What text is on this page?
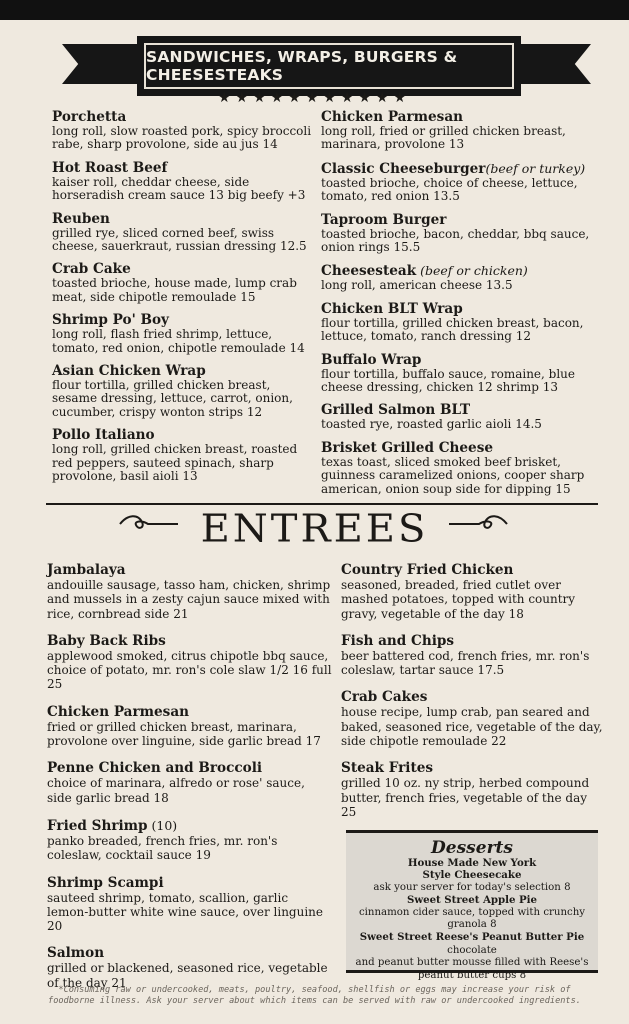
SANDWICHES, WRAPS, BURGERS & CHEESESTEAKS
★★★★★★★★★★★
Porchetta
long roll, slow roasted pork, spicy broccoli rabe, sharp provolone, side au jus 14
Hot Roast Beef
kaiser roll, cheddar cheese, side horseradish cream sauce 13 big beefy +3
Reuben
grilled rye, sliced corned beef, swiss cheese, sauerkraut, russian dressing 12.5
Crab Cake
toasted brioche, house made, lump crab meat, side chipotle remoulade 15
Shrimp Po' Boy
long roll, flash fried shrimp, lettuce, tomato, red onion, chipotle remoulade 14
Asian Chicken Wrap
flour tortilla, grilled chicken breast, sesame dressing, lettuce, carrot, onion, cucumber, crispy wonton strips 12
Pollo Italiano
long roll, grilled chicken breast, roasted red peppers, sauteed spinach, sharp provolone, basil aioli 13
Chicken Parmesan
long roll, fried or grilled chicken breast, marinara, provolone 13
Classic Cheeseburger(beef or turkey)
toasted brioche, choice of cheese, lettuce, tomato, red onion 13.5
Taproom Burger
toasted brioche, bacon, cheddar, bbq sauce, onion rings 15.5
Cheesesteak (beef or chicken)
long roll, american cheese 13.5
Chicken BLT Wrap
flour tortilla, grilled chicken breast, bacon, lettuce, tomato, ranch dressing 12
Buffalo Wrap
flour tortilla, buffalo sauce, romaine, blue cheese dressing, chicken 12 shrimp 13
Grilled Salmon BLT
toasted rye, roasted garlic aioli 14.5
Brisket Grilled Cheese
texas toast, sliced smoked beef brisket, guinness caramelized onions, cooper sharp american, onion soup side for dipping 15
ENTREES
Jambalaya
andouille sausage, tasso ham, chicken, shrimp and mussels in a zesty cajun sauce mixed with rice, cornbread side 21
Baby Back Ribs
applewood smoked, citrus chipotle bbq sauce, choice of potato, mr. ron's cole slaw 1/2 16 full 25
Chicken Parmesan
fried or grilled chicken breast, marinara, provolone over linguine, side garlic bread 17
Penne Chicken and Broccoli
choice of marinara, alfredo or rose' sauce, side garlic bread 18
Fried Shrimp (10)
panko breaded, french fries, mr. ron's coleslaw, cocktail sauce 19
Shrimp Scampi
sauteed shrimp, tomato, scallion, garlic lemon-butter white wine sauce, over linguine 20
Salmon
grilled or blackened, seasoned rice, vegetable of the day 21
Country Fried Chicken
seasoned, breaded, fried cutlet over mashed potatoes, topped with country gravy, vegetable of the day 18
Fish and Chips
beer battered cod, french fries, mr. ron's coleslaw, tartar sauce 17.5
Crab Cakes
house recipe, lump crab, pan seared and baked, seasoned rice, vegetable of the day, side chipotle remoulade 22
Steak Frites
grilled 10 oz. ny strip, herbed compound butter, french fries, vegetable of the day 25
Desserts
House Made New York
Style Cheesecake
ask your server for today's selection 8
Sweet Street Apple Pie
cinnamon cider sauce, topped with crunchy
granola 8
Sweet Street Reese's Peanut Butter Pie chocolate
and peanut butter mousse filled with Reese's
peanut butter cups 8
*Consuming raw or undercooked, meats, poultry, seafood, shellfish or eggs may increase your risk of
foodborne illness. Ask your server about which items can be served with raw or undercooked ingredients.
